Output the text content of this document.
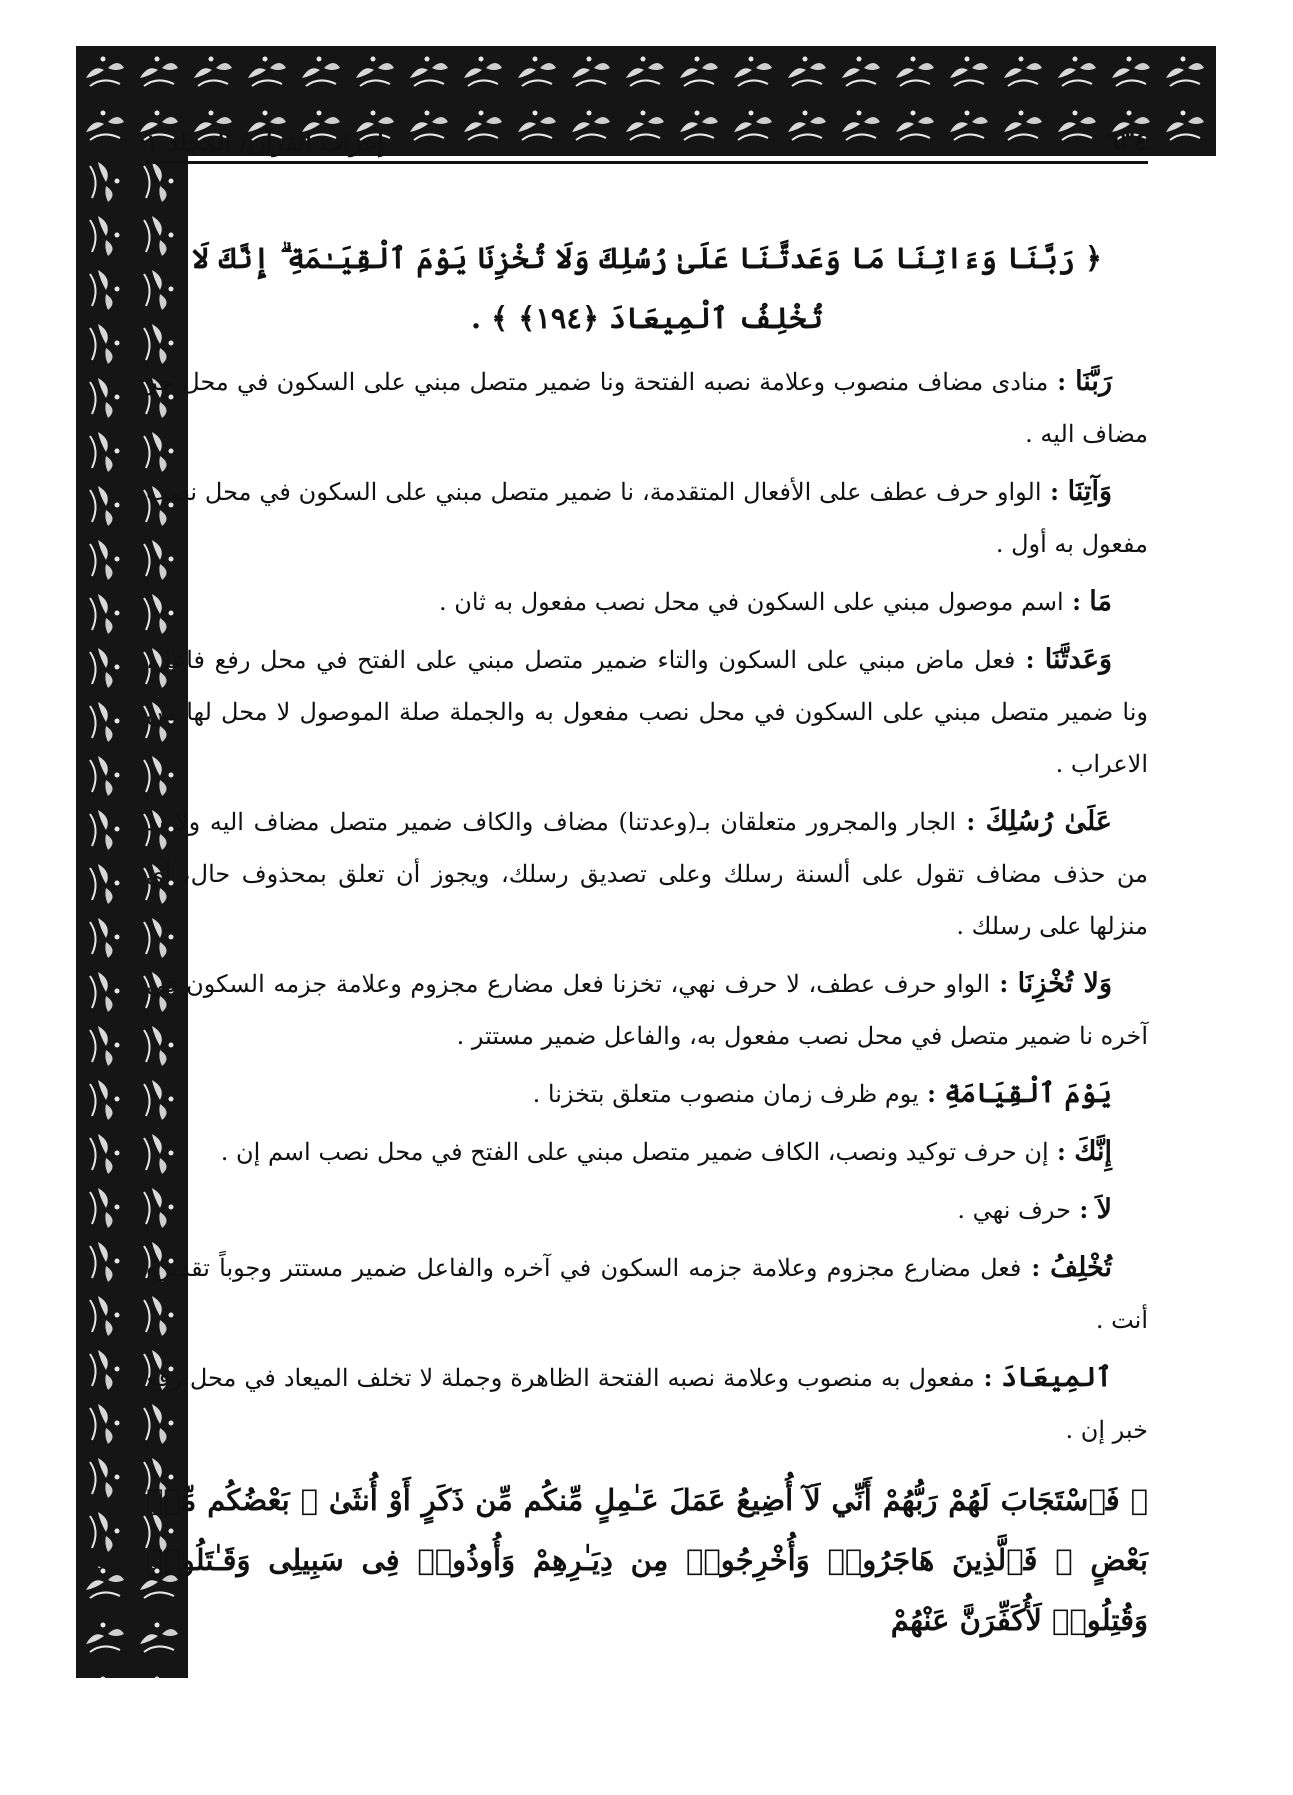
٦٣٤
إعراب القرآن/ المجلد ١

﴿ رَبَّنَا وَءَاتِنَا مَا وَعَدتَّنَا عَلَىٰ رُسُلِكَ وَلَا تُخْزِنَا يَوْمَ ٱلْقِيَـٰمَةِ ۗ إِنَّكَ لَا تُخْلِفُ ٱلْمِيعَادَ ﴿١٩٤﴾ ﴾ .

رَبَّنَا : منادى مضاف منصوب وعلامة نصبه الفتحة ونا ضمير متصل مبني على السكون في محل جر مضاف اليه .

وَآتِنَا : الواو حرف عطف على الأفعال المتقدمة، نا ضمير متصل مبني على السكون في محل نصب مفعول به أول .

مَا : اسم موصول مبني على السكون في محل نصب مفعول به ثان .

وَعَدتَّنَا : فعل ماض مبني على السكون والتاء ضمير متصل مبني على الفتح في محل رفع فاعل، ونا ضمير متصل مبني على السكون في محل نصب مفعول به والجملة صلة الموصول لا محل لها من الاعراب .

عَلَىٰ رُسُلِكَ : الجار والمجرور متعلقان بـ(وعدتنا) مضاف والكاف ضمير متصل مضاف اليه ولا بد من حذف مضاف تقول على ألسنة رسلك وعلى تصديق رسلك، ويجوز أن تعلق بمحذوف حال، أي منزلها على رسلك .

وَلا تُخْزِنَا : الواو حرف عطف، لا حرف نهي، تخزنا فعل مضارع مجزوم وعلامة جزمه السكون في آخره نا ضمير متصل في محل نصب مفعول به، والفاعل ضمير مستتر .

يَوْمَ ٱلْقِيَامَةِ : يوم ظرف زمان منصوب متعلق بتخزنا .

إِنَّكَ : إن حرف توكيد ونصب، الكاف ضمير متصل مبني على الفتح في محل نصب اسم إن .

لاَ : حرف نهي .

تُخْلِفُ : فعل مضارع مجزوم وعلامة جزمه السكون في آخره والفاعل ضمير مستتر وجوباً تقديره أنت .

ٱلمِيعَادَ : مفعول به منصوب وعلامة نصبه الفتحة الظاهرة وجملة لا تخلف الميعاد في محل رفع خبر إن .

﴿ فَٱسْتَجَابَ لَهُمْ رَبُّهُمْ أَنِّي لَآ أُضِيعُ عَمَلَ عَـٰمِلٍ مِّنكُم مِّن ذَكَرٍ أَوْ أُنثَىٰ ۖ بَعْضُكُم مِّنۢ بَعْضٍ ۖ فَٱلَّذِينَ هَاجَرُوا۟ وَأُخْرِجُوا۟ مِن دِيَـٰرِهِمْ وَأُوذُوا۟ فِى سَبِيلِى وَقَـٰتَلُوا۟ وَقُتِلُوا۟ لَأُكَفِّرَنَّ عَنْهُمْ
